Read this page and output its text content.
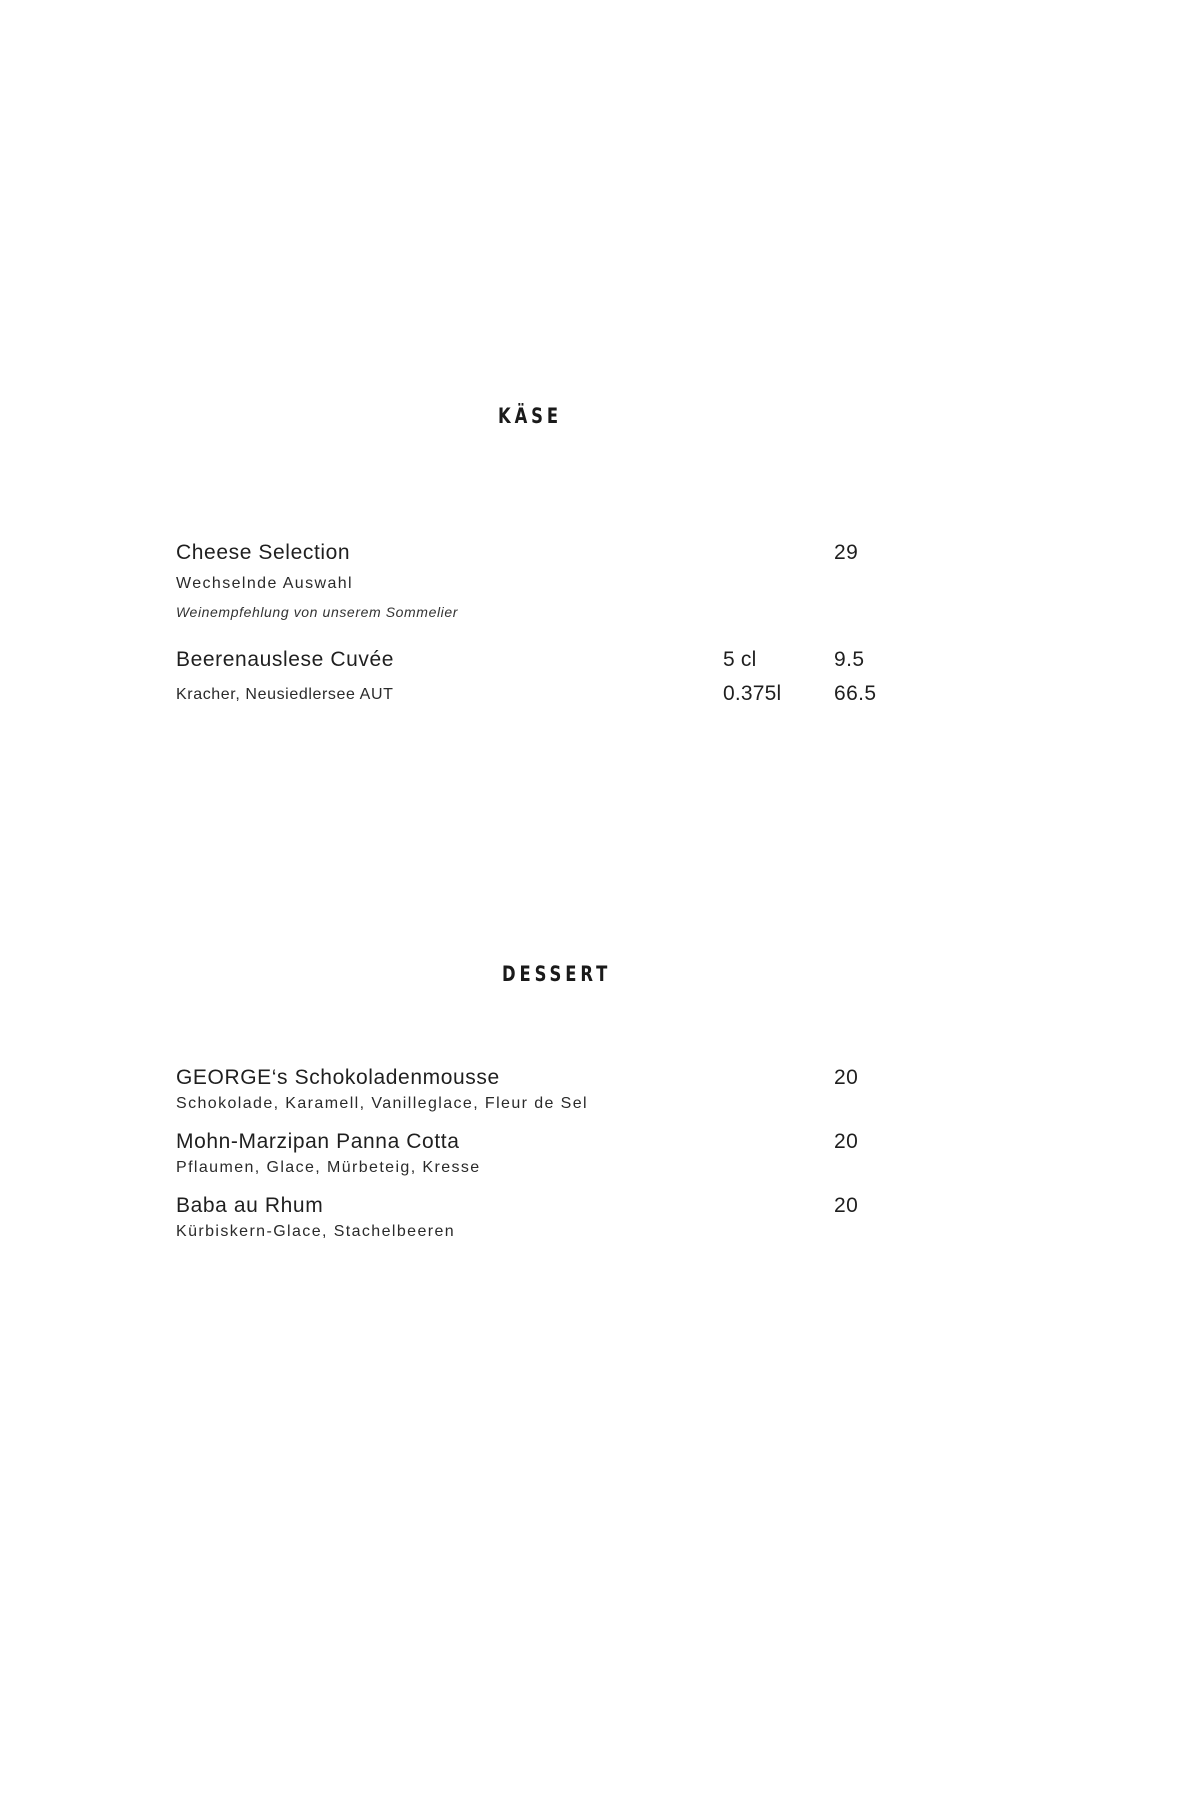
KÄSE
Cheese Selection	29
Wechselnde Auswahl
Weinempfehlung von unserem Sommelier
Beerenauslese Cuvée	5 cl	9.5
Kracher, Neusiedlersee AUT	0.375l	66.5
DESSERT
GEORGE‘s Schokoladenmousse	20
Schokolade, Karamell, Vanilleglace, Fleur de Sel
Mohn-Marzipan Panna Cotta	20
Pflaumen, Glace, Mürbeteig, Kresse
Baba au Rhum	20
Kürbiskern-Glace, Stachelbeeren
